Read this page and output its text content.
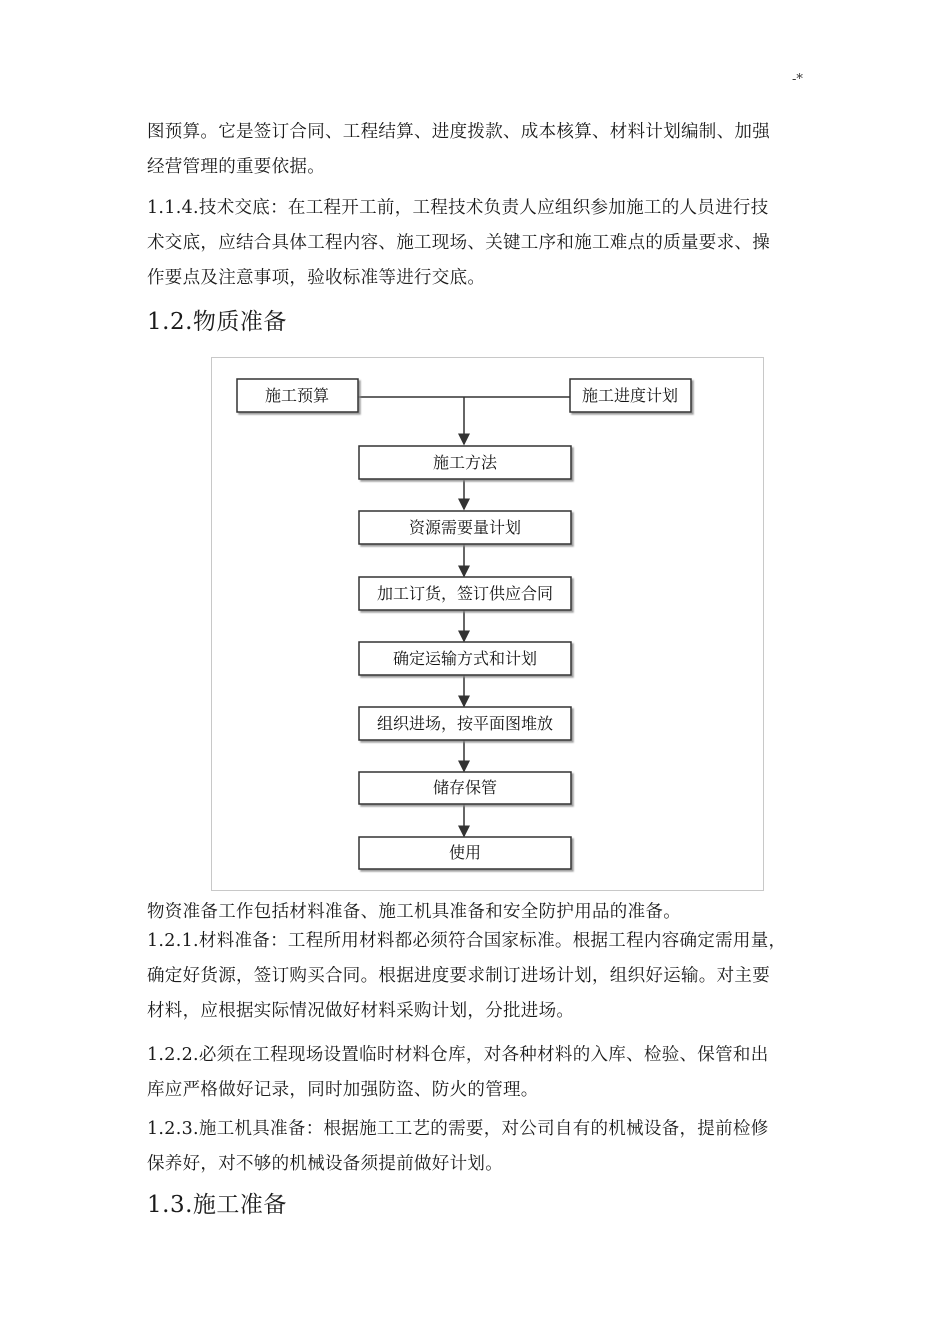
-*

图预算。它是签订合同、工程结算、进度拨款、成本核算、材料计划编制、加强
经营管理的重要依据。

1.1.4.技术交底：在工程开工前，工程技术负责人应组织参加施工的人员进行技
术交底，应结合具体工程内容、施工现场、关键工序和施工难点的质量要求、操
作要点及注意事项，验收标准等进行交底。

1.2.物质准备
施工预算	施工进度计划
施工方法
资源需要量计划
加工订货，签订供应合同
确定运输方式和计划
组织进场，按平面图堆放
储存保管
使用

物资准备工作包括材料准备、施工机具准备和安全防护用品的准备。

1.2.1.材料准备：工程所用材料都必须符合国家标准。根据工程内容确定需用量，
确定好货源，签订购买合同。根据进度要求制订进场计划，组织好运输。对主要
材料，应根据实际情况做好材料采购计划，分批进场。

1.2.2.必须在工程现场设置临时材料仓库，对各种材料的入库、检验、保管和出
库应严格做好记录，同时加强防盗、防火的管理。

1.2.3.施工机具准备：根据施工工艺的需要，对公司自有的机械设备，提前检修
保养好，对不够的机械设备须提前做好计划。

1.3.施工准备
